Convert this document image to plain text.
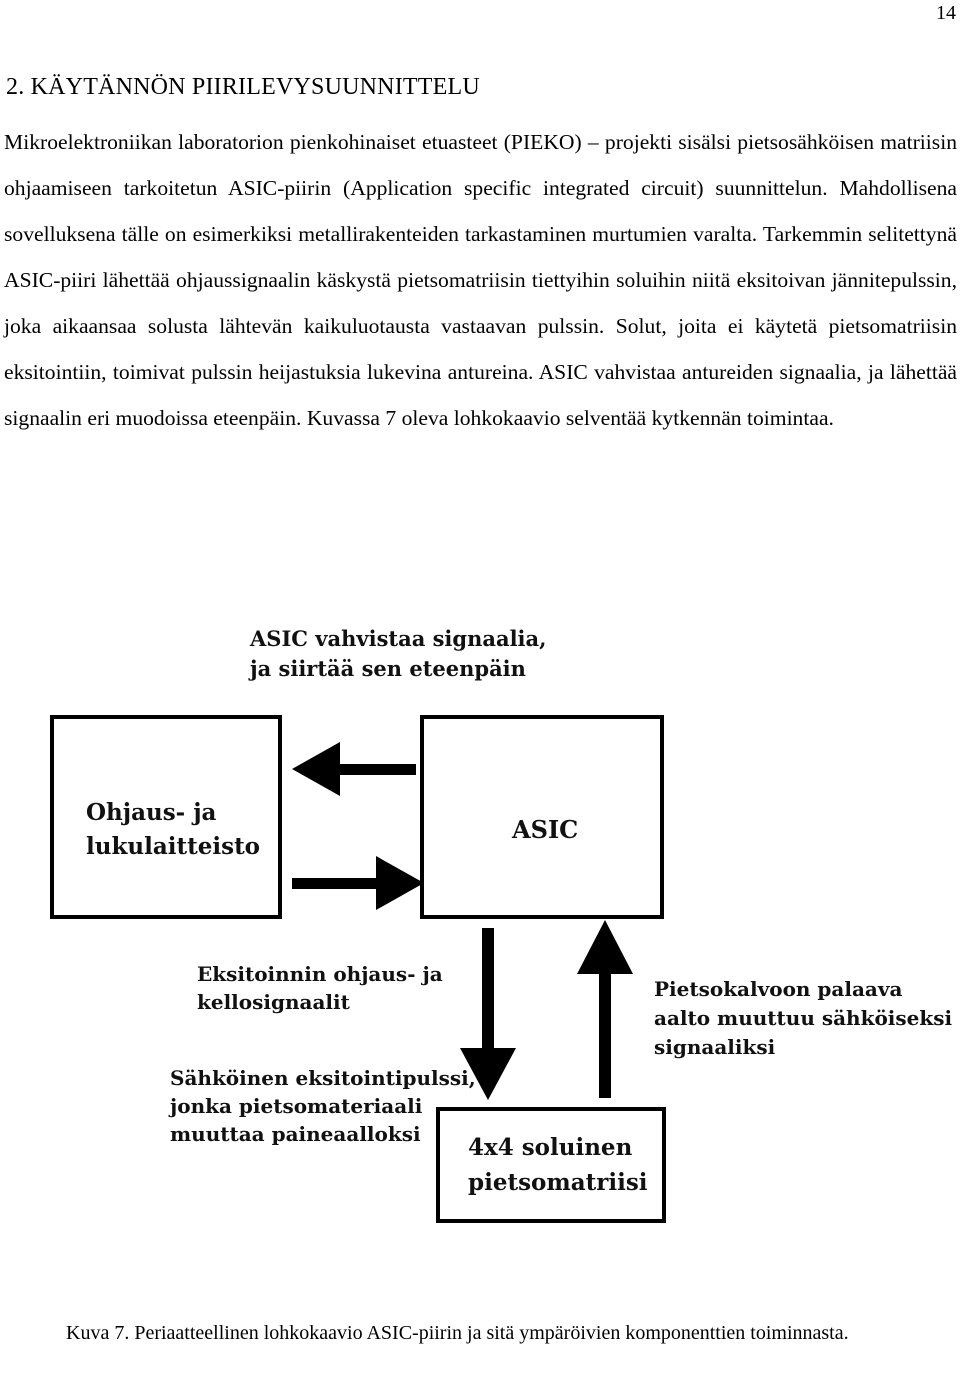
14
2. KÄYTÄNNÖN PIIRILEVYSUUNNITTELU

Mikroelektroniikan laboratorion pienkohinaiset etuasteet (PIEKO) – projekti sisälsi pietsosähköisen matriisin ohjaamiseen tarkoitetun ASIC-piirin (Application specific integrated circuit) suunnittelun. Mahdollisena sovelluksena tälle on esimerkiksi metallirakenteiden tarkastaminen murtumien varalta. Tarkemmin selitettynä ASIC-piiri lähettää ohjaussignaalin käskystä pietsomatriisin tiettyihin soluihin niitä eksitoivan jännitepulssin, joka aikaansaa solusta lähtevän kaikuluotausta vastaavan pulssin. Solut, joita ei käytetä pietsomatriisin eksitointiin, toimivat pulssin heijastuksia lukevina antureina. ASIC vahvistaa antureiden signaalia, ja lähettää signaalin eri muodoissa eteenpäin. Kuvassa 7 oleva lohkokaavio selventää kytkennän toimintaa.

ASIC vahvistaa signaalia,
ja siirtää sen eteenpäin
Ohjaus- ja
lukulaitteisto
ASIC
Eksitoinnin ohjaus- ja
kellosignaalit
Sähköinen eksitointipulssi,
jonka pietsomateriaali
muuttaa paineaalloksi
Pietsokalvoon palaava
aalto muuttuu sähköiseksi
signaaliksi
4x4 soluinen
pietsomatriisi

Kuva 7. Periaatteellinen lohkokaavio ASIC-piirin ja sitä ympäröivien komponenttien toiminnasta.
